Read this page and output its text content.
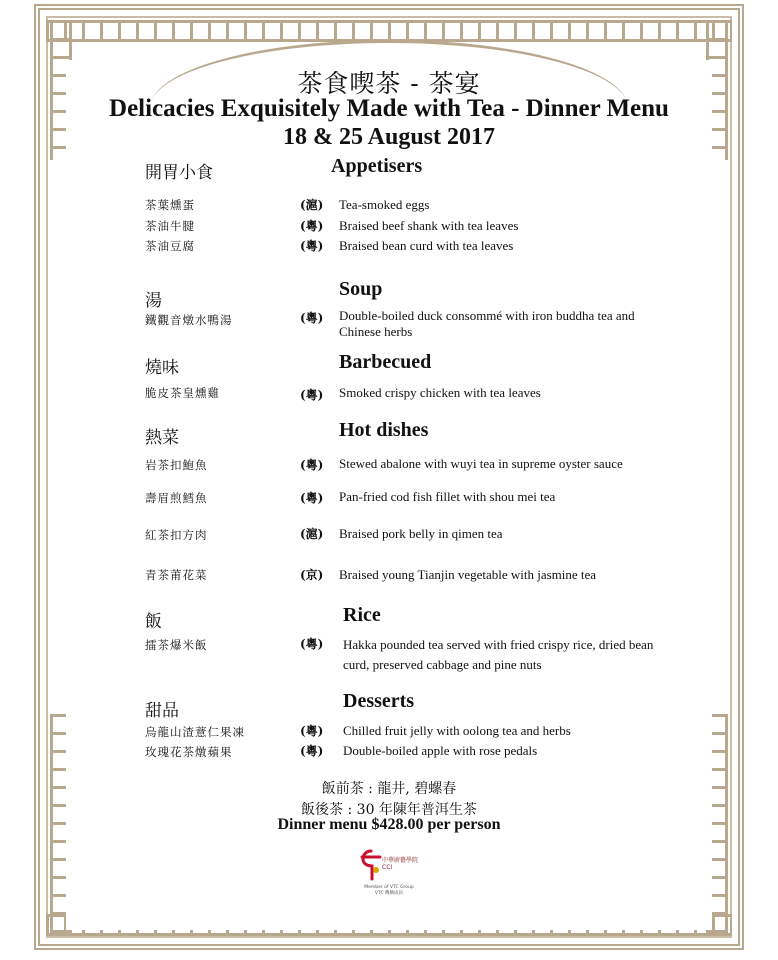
茶食喫茶 - 茶宴
Delicacies Exquisitely Made with Tea - Dinner Menu
18 & 25 August 2017
開胃小食	Appetisers
茶葉燻蛋	(滬) Tea-smoked eggs
茶油牛腱	(粵) Braised beef shank with tea leaves
茶油豆腐	(粵) Braised bean curd with tea leaves
湯
Soup
鐵觀音燉水鴨湯	(粵) Double-boiled duck consommé with iron buddha tea and
Chinese herbs
燒味	Barbecued
脆皮茶皇燻雞	(粵) Smoked crispy chicken with tea leaves
熱菜	Hot dishes
岩茶扣鮑魚	(粵) Stewed abalone with wuyi tea in supreme oyster sauce
壽眉煎鱈魚	(粵) Pan-fried cod fish fillet with shou mei tea
紅茶扣方肉	(滬) Braised pork belly in qimen tea
青茶莆花菜	(京) Braised young Tianjin vegetable with jasmine tea
飯	Rice
擂茶爆米飯	(粵) Hakka pounded tea served with fried crispy rice, dried bean
curd, preserved cabbage and pine nuts
甜品	Desserts
烏龍山渣薏仁果凍	(粵) Chilled fruit jelly with oolong tea and herbs
玫瑰花茶燉蘋果	(粵) Double-boiled apple with rose pedals
飯前茶 : 龍井, 碧螺春
飯後茶 : 30 年陳年普洱生茶
Dinner menu $428.00 per person
中華廚藝學院
CCI
Member of VTC Group
VTC 機構成員
